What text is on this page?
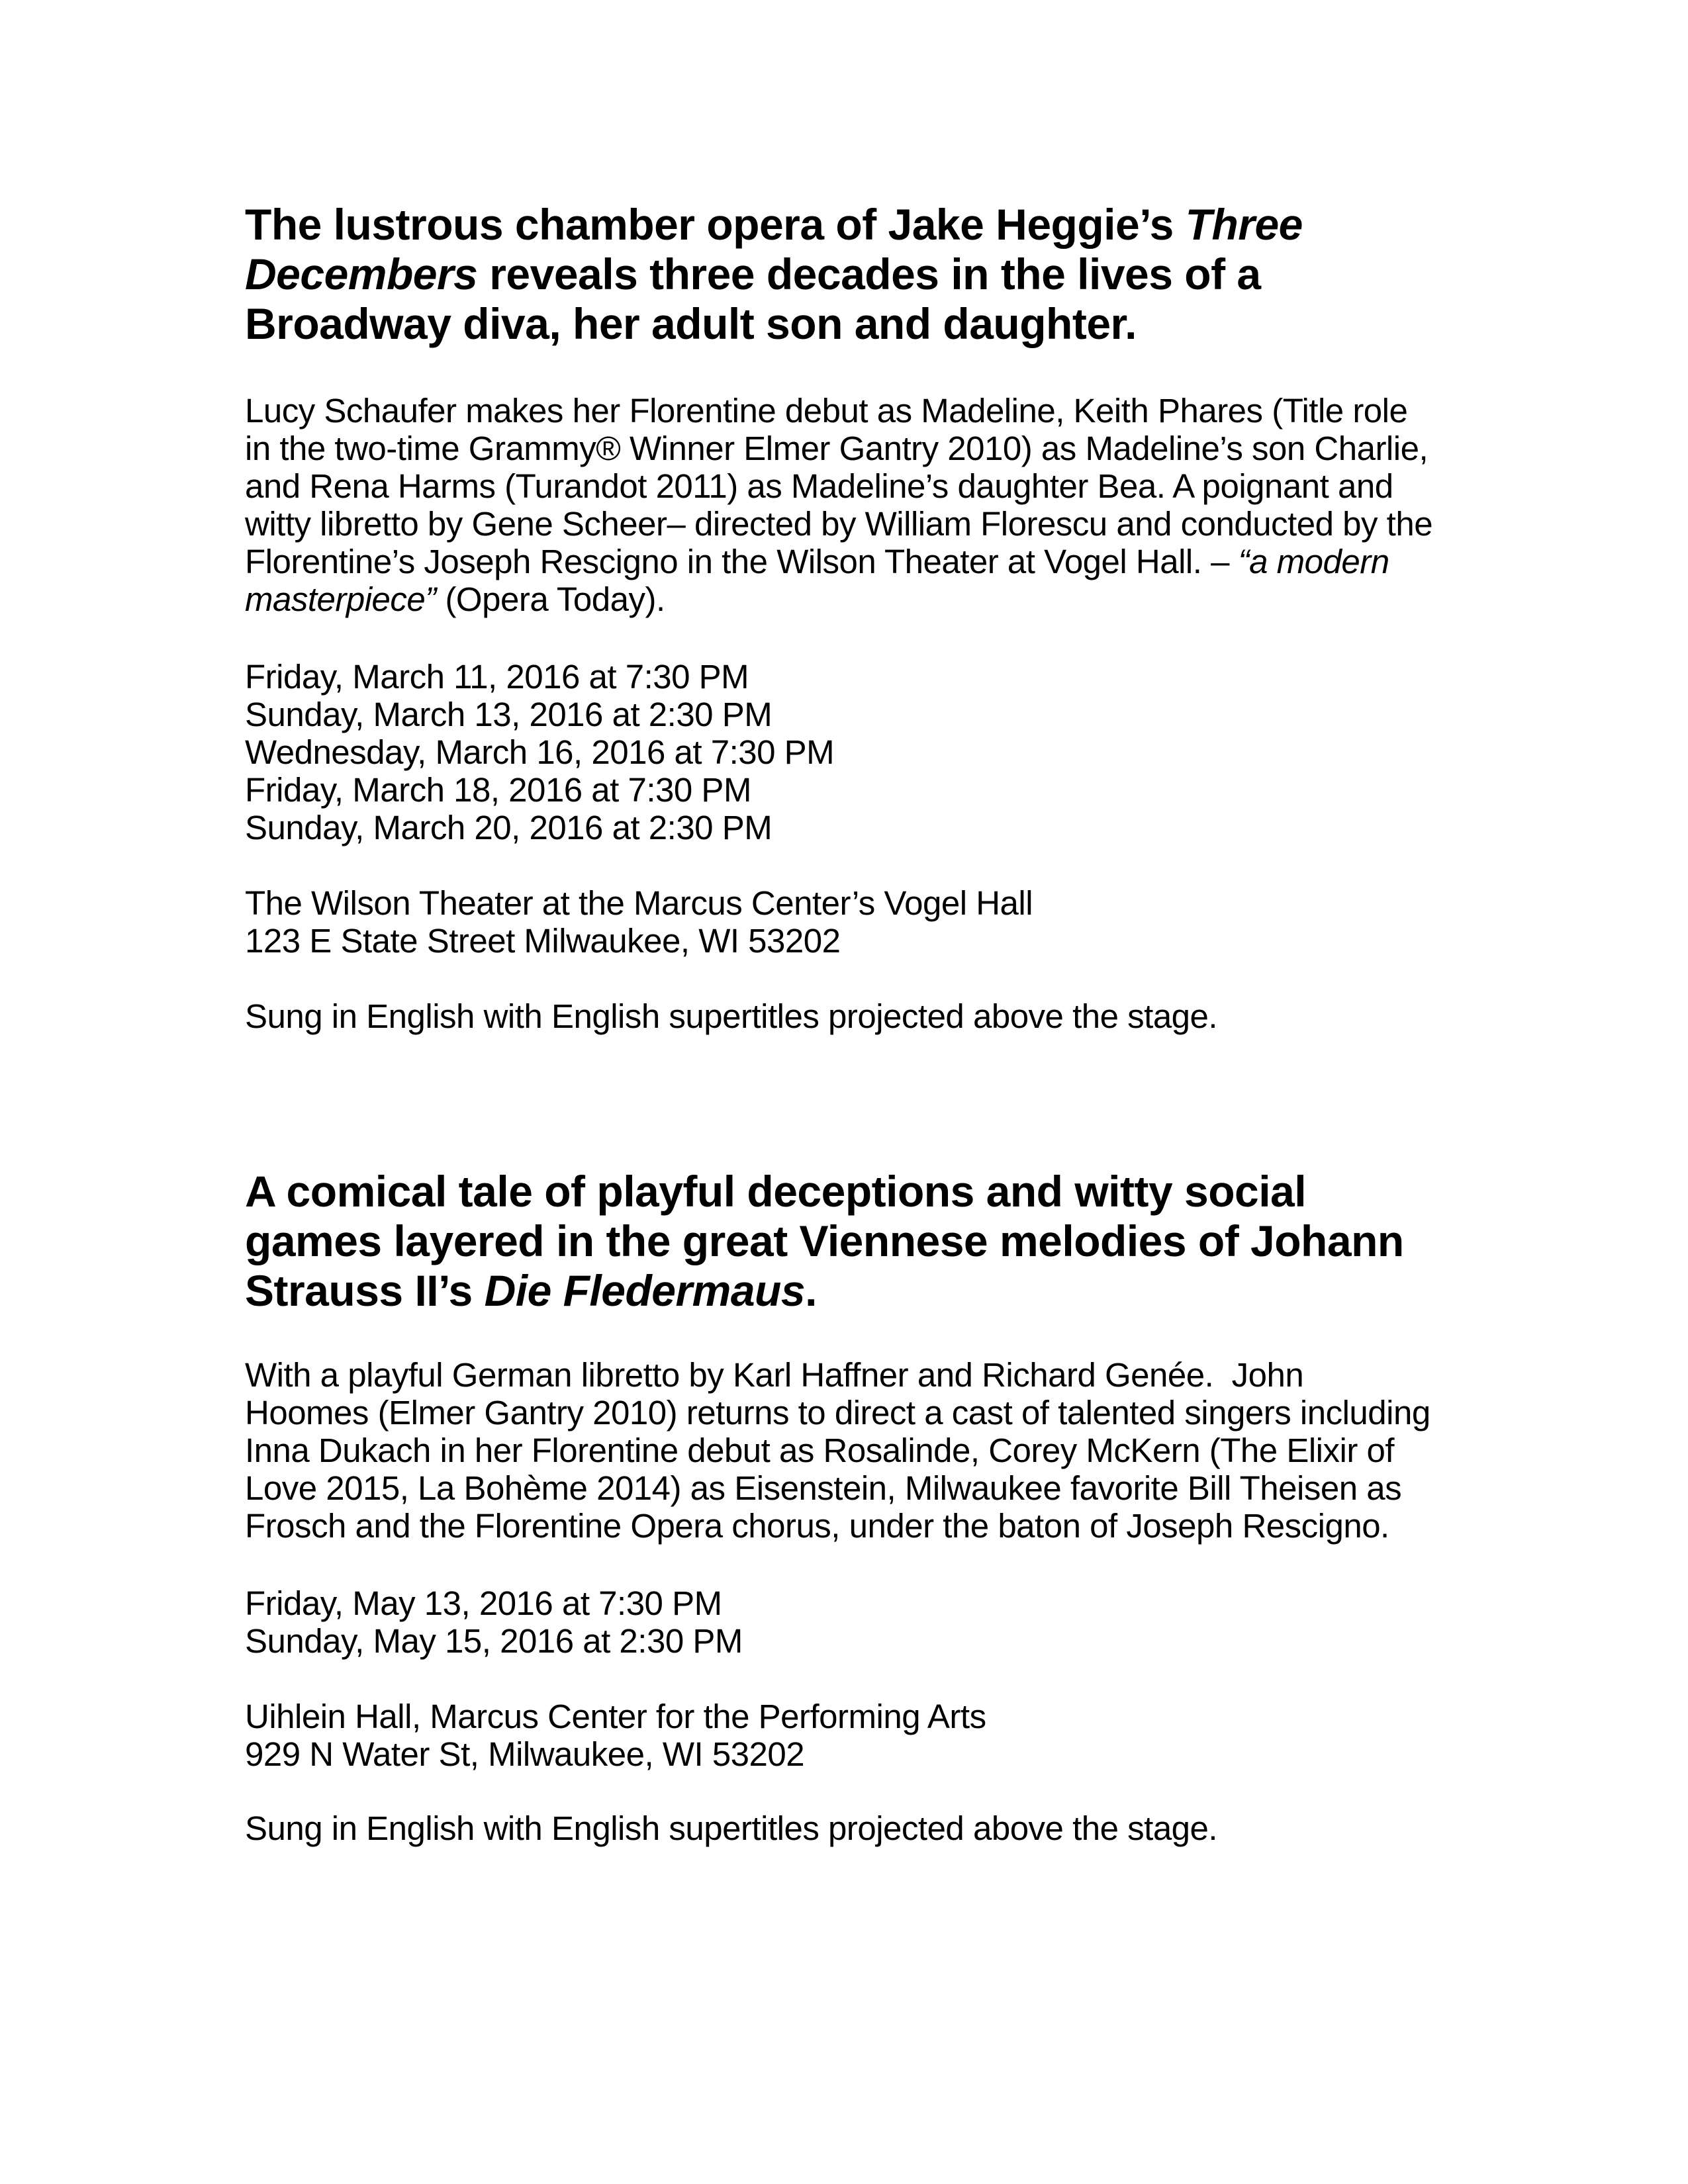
The lustrous chamber opera of Jake Heggie’s Three
Decembers reveals three decades in the lives of a
Broadway diva, her adult son and daughter.
Lucy Schaufer makes her Florentine debut as Madeline, Keith Phares (Title role
in the two-time Grammy® Winner Elmer Gantry 2010) as Madeline’s son Charlie,
and Rena Harms (Turandot 2011) as Madeline’s daughter Bea. A poignant and
witty libretto by Gene Scheer– directed by William Florescu and conducted by the
Florentine’s Joseph Rescigno in the Wilson Theater at Vogel Hall. – “a modern
masterpiece” (Opera Today).
Friday, March 11, 2016 at 7:30 PM
Sunday, March 13, 2016 at 2:30 PM
Wednesday, March 16, 2016 at 7:30 PM
Friday, March 18, 2016 at 7:30 PM
Sunday, March 20, 2016 at 2:30 PM
The Wilson Theater at the Marcus Center’s Vogel Hall
123 E State Street Milwaukee, WI 53202
Sung in English with English supertitles projected above the stage.
A comical tale of playful deceptions and witty social
games layered in the great Viennese melodies of Johann
Strauss II’s Die Fledermaus.
With a playful German libretto by Karl Haffner and Richard Genée.  John
Hoomes (Elmer Gantry 2010) returns to direct a cast of talented singers including
Inna Dukach in her Florentine debut as Rosalinde, Corey McKern (The Elixir of
Love 2015, La Bohème 2014) as Eisenstein, Milwaukee favorite Bill Theisen as
Frosch and the Florentine Opera chorus, under the baton of Joseph Rescigno.
Friday, May 13, 2016 at 7:30 PM
Sunday, May 15, 2016 at 2:30 PM
Uihlein Hall, Marcus Center for the Performing Arts
929 N Water St, Milwaukee, WI 53202
Sung in English with English supertitles projected above the stage.
